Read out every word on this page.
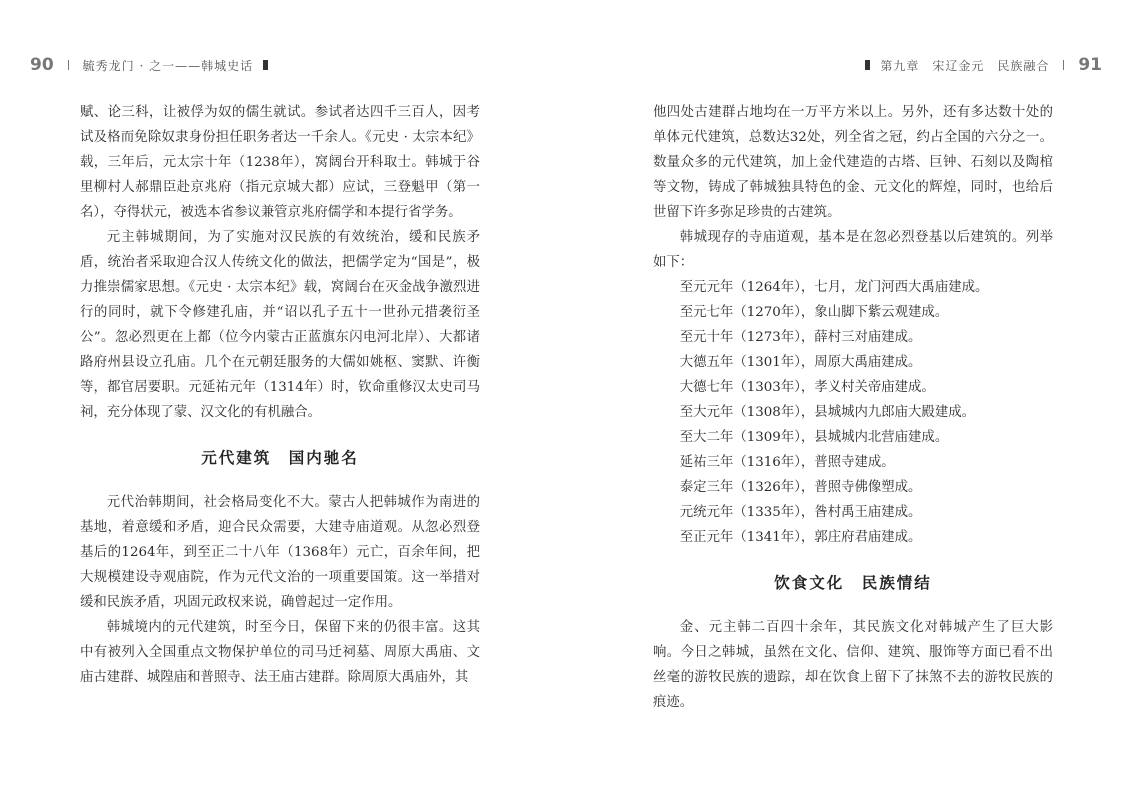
90 毓秀龙门 · 之一——韩城史话

赋、论三科，让被俘为奴的儒生就试。参试者达四千三百人，因考试及格而免除奴隶身份担任职务者达一千余人。《元史 · 太宗本纪》载，三年后，元太宗十年（1238年），窝阔台开科取士。韩城于谷里柳村人郝鼎臣赴京兆府（指元京城大都）应试，三登魁甲（第一名），夺得状元，被选本省参议兼管京兆府儒学和本提行省学务。

元主韩城期间，为了实施对汉民族的有效统治，缓和民族矛盾，统治者采取迎合汉人传统文化的做法，把儒学定为“国是”，极力推崇儒家思想。《元史 · 太宗本纪》载，窝阔台在灭金战争激烈进行的同时，就下令修建孔庙，并“诏以孔子五十一世孙元措袭衍圣公”。忽必烈更在上都（位今内蒙古正蓝旗东闪电河北岸）、大都诸路府州县设立孔庙。几个在元朝廷服务的大儒如姚枢、窦默、许衡等，都官居要职。元延祐元年（1314年）时，钦命重修汉太史司马祠，充分体现了蒙、汉文化的有机融合。

元代建筑　国内驰名

元代治韩期间，社会格局变化不大。蒙古人把韩城作为南进的基地，着意缓和矛盾，迎合民众需要，大建寺庙道观。从忽必烈登基后的1264年，到至正二十八年（1368年）元亡，百余年间，把大规模建设寺观庙院，作为元代文治的一项重要国策。这一举措对缓和民族矛盾，巩固元政权来说，确曾起过一定作用。

韩城境内的元代建筑，时至今日，保留下来的仍很丰富。这其中有被列入全国重点文物保护单位的司马迁祠墓、周原大禹庙、文庙古建群、城隍庙和普照寺、法王庙古建群。除周原大禹庙外，其

第九章　宋辽金元　民族融合 91

他四处古建群占地均在一万平方米以上。另外，还有多达数十处的单体元代建筑，总数达32处，列全省之冠，约占全国的六分之一。数量众多的元代建筑，加上金代建造的古塔、巨钟、石刻以及陶棺等文物，铸成了韩城独具特色的金、元文化的辉煌，同时，也给后世留下许多弥足珍贵的古建筑。

韩城现存的寺庙道观，基本是在忽必烈登基以后建筑的。列举如下：

至元元年（1264年），七月，龙门河西大禹庙建成。

至元七年（1270年），象山脚下紫云观建成。

至元十年（1273年），薛村三对庙建成。

大德五年（1301年），周原大禹庙建成。

大德七年（1303年），孝义村关帝庙建成。

至大元年（1308年），县城城内九郎庙大殿建成。

至大二年（1309年），县城城内北营庙建成。

延祐三年（1316年），普照寺建成。

泰定三年（1326年），普照寺佛像塑成。

元统元年（1335年），昝村禹王庙建成。

至正元年（1341年），郭庄府君庙建成。

饮食文化　民族情结

金、元主韩二百四十余年，其民族文化对韩城产生了巨大影响。今日之韩城，虽然在文化、信仰、建筑、服饰等方面已看不出丝毫的游牧民族的遗踪，却在饮食上留下了抹煞不去的游牧民族的痕迹。
